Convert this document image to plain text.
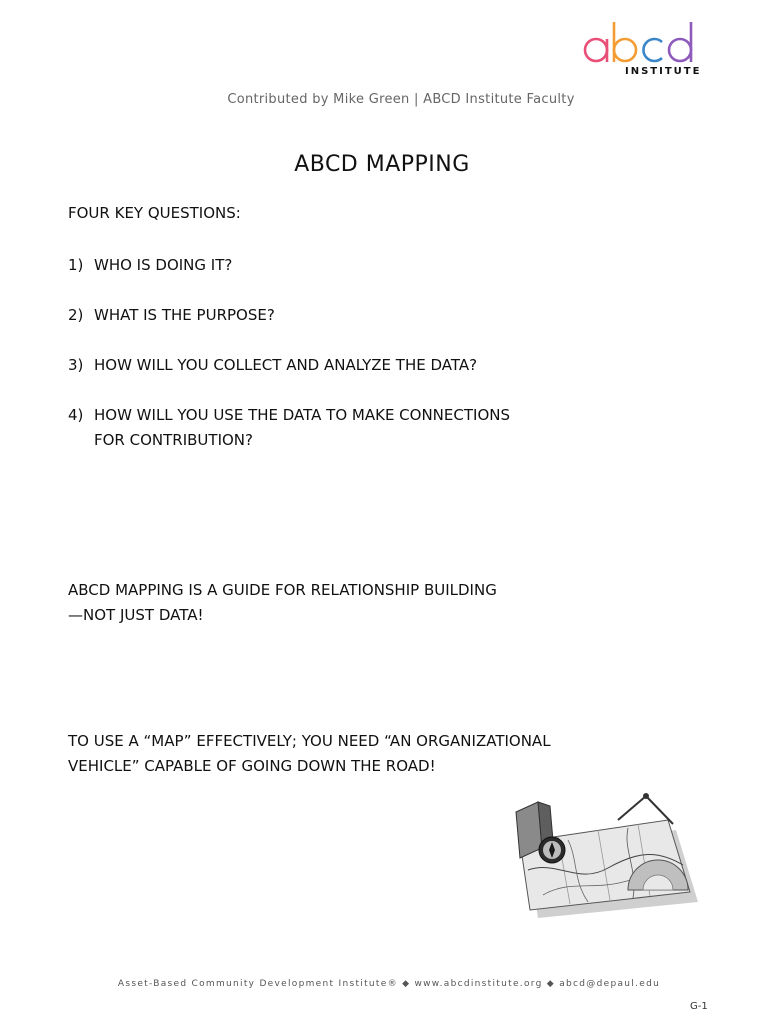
INSTITUTE
Contributed by Mike Green | ABCD Institute Faculty
ABCD MAPPING
FOUR KEY QUESTIONS:
1) WHO IS DOING IT?
2) WHAT IS THE PURPOSE?
3) HOW WILL YOU COLLECT AND ANALYZE THE DATA?
4) HOW WILL YOU USE THE DATA TO MAKE CONNECTIONS
FOR CONTRIBUTION?

ABCD MAPPING IS A GUIDE FOR RELATIONSHIP BUILDING
—NOT JUST DATA!

TO USE A “MAP” EFFECTIVELY; YOU NEED “AN ORGANIZATIONAL
VEHICLE” CAPABLE OF GOING DOWN THE ROAD!

Asset-Based Community Development Institute® ◆ www.abcdinstitute.org ◆ abcd@depaul.edu
G-1
